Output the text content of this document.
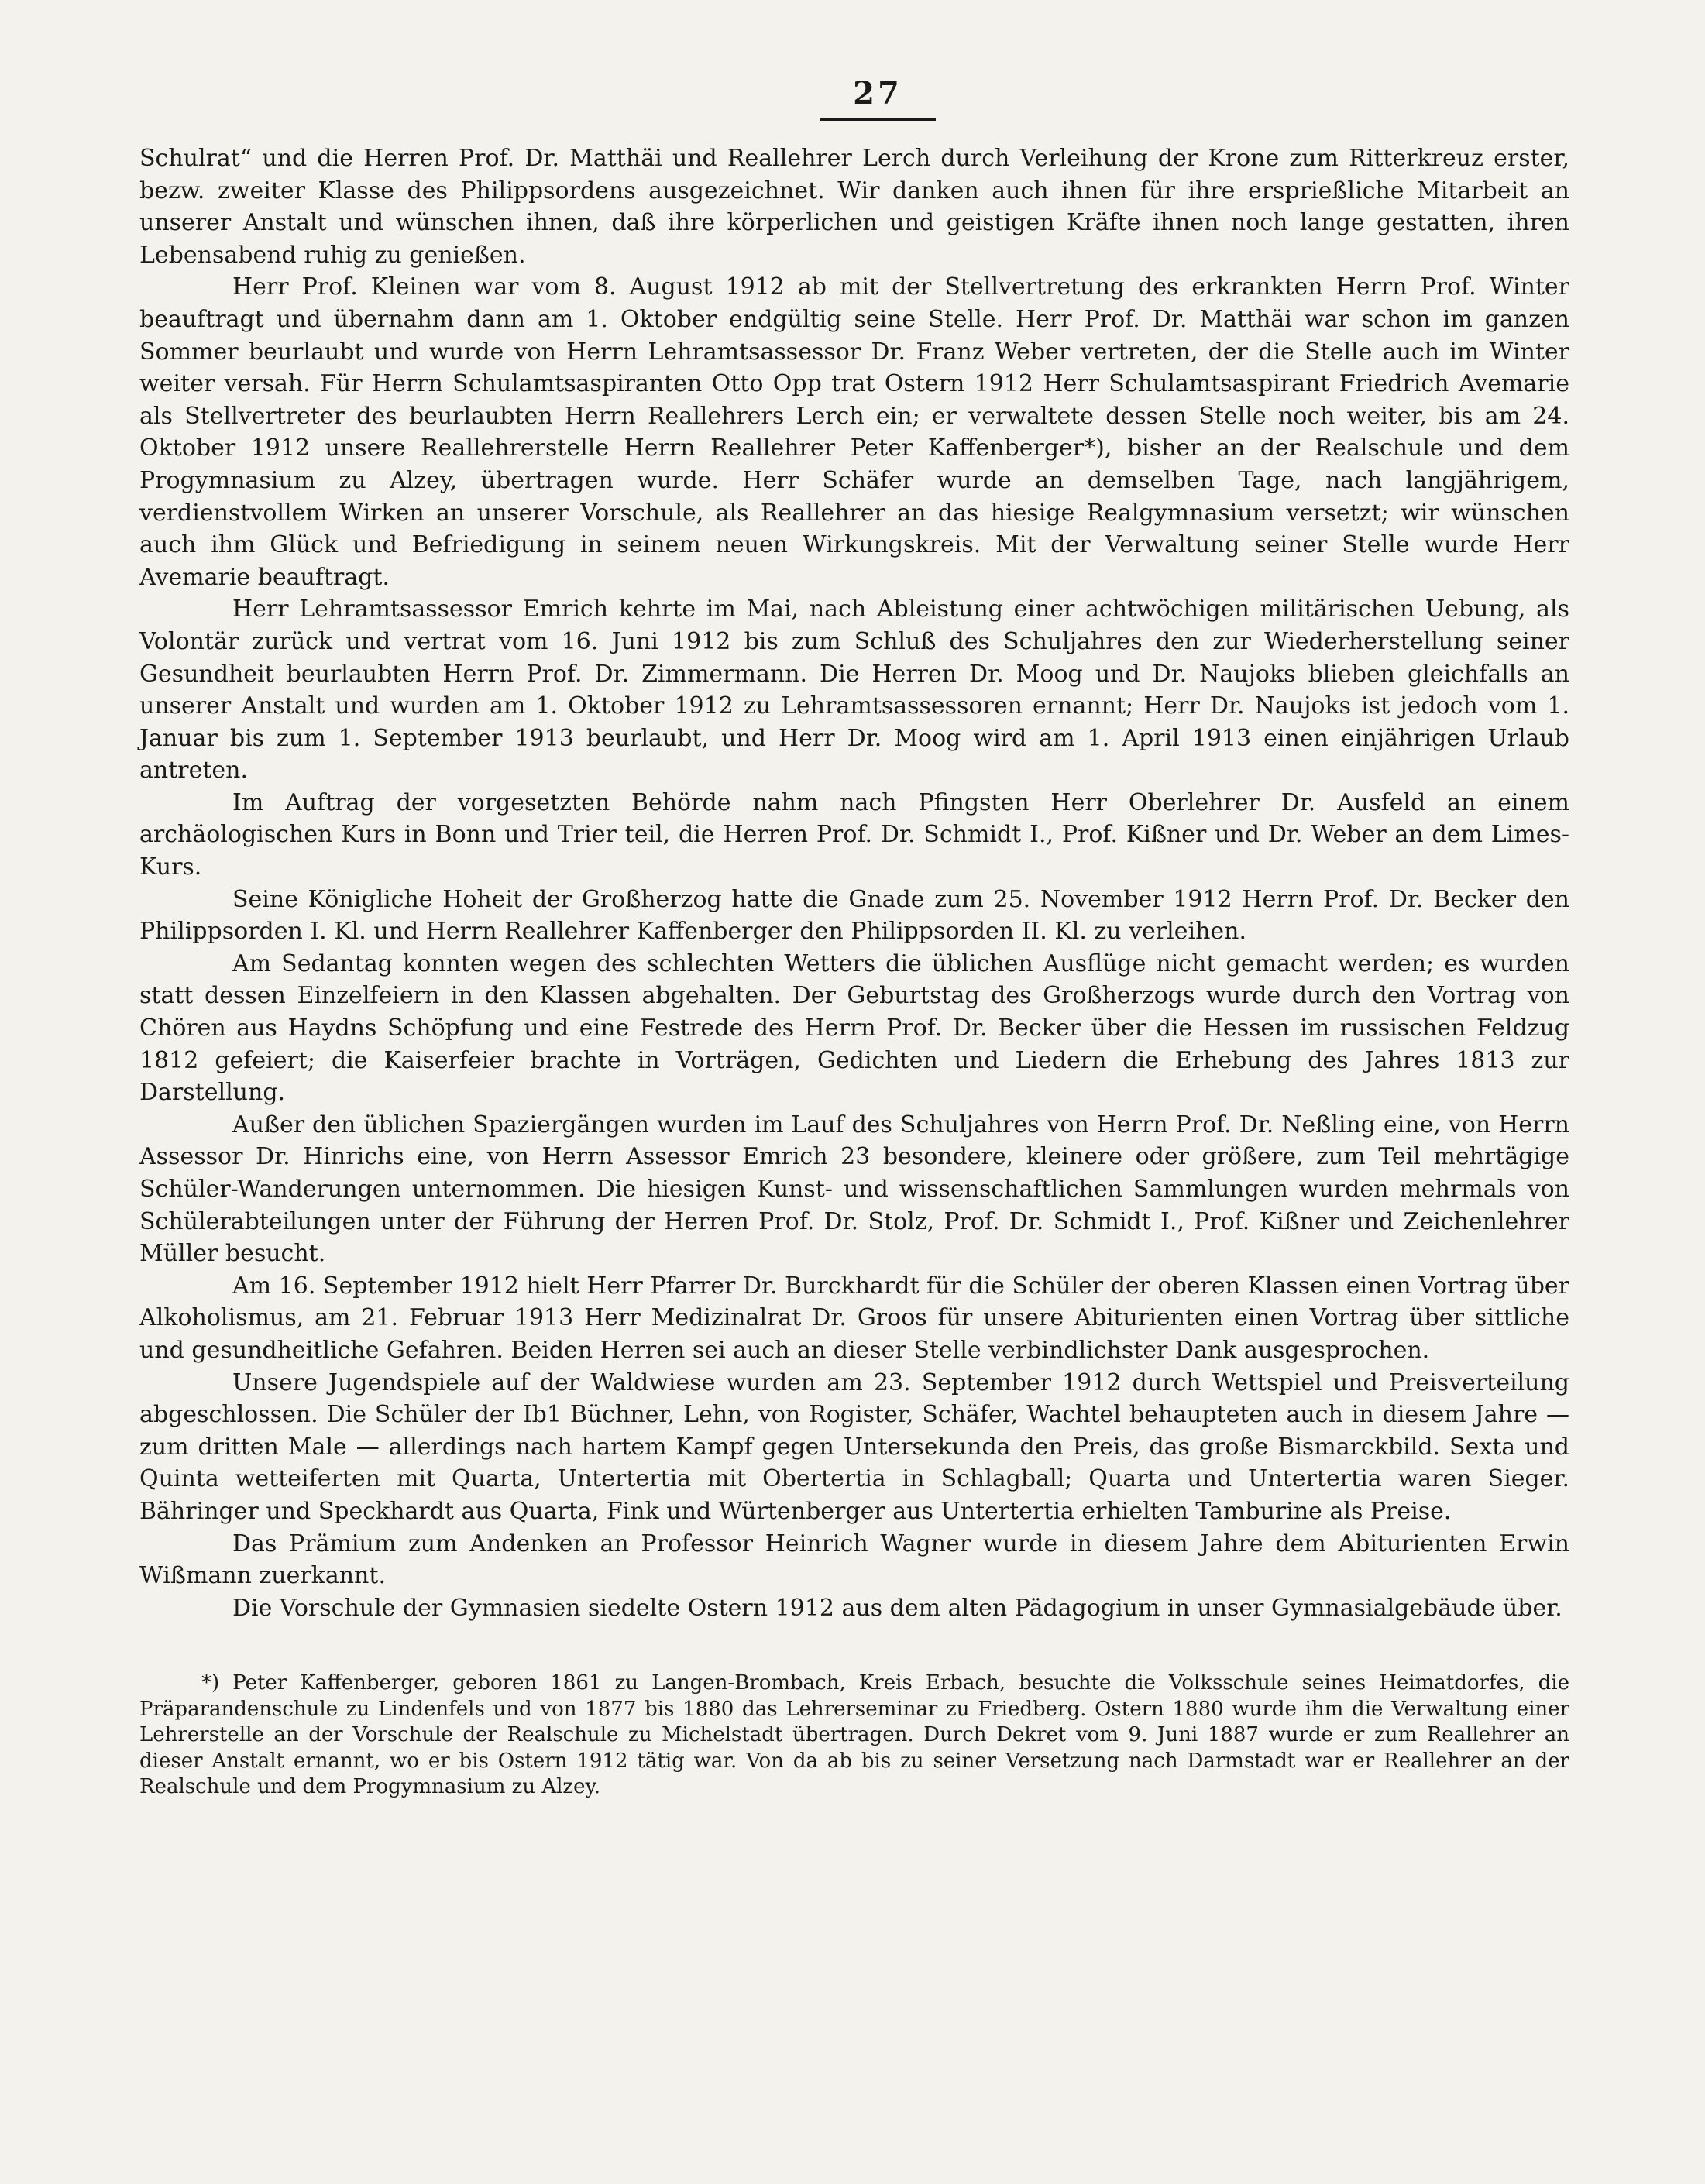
27

Schulrat“ und die Herren Prof. Dr. Matthäi und Reallehrer Lerch durch Verleihung der Krone zum Ritterkreuz erster, bezw. zweiter Klasse des Philippsordens ausgezeichnet. Wir danken auch ihnen für ihre ersprießliche Mitarbeit an unserer Anstalt und wünschen ihnen, daß ihre körperlichen und geistigen Kräfte ihnen noch lange gestatten, ihren Lebensabend ruhig zu genießen.

Herr Prof. Kleinen war vom 8. August 1912 ab mit der Stellvertretung des erkrankten Herrn Prof. Winter beauftragt und übernahm dann am 1. Oktober endgültig seine Stelle. Herr Prof. Dr. Matthäi war schon im ganzen Sommer beurlaubt und wurde von Herrn Lehramtsassessor Dr. Franz Weber vertreten, der die Stelle auch im Winter weiter versah. Für Herrn Schulamtsaspiranten Otto Opp trat Ostern 1912 Herr Schulamtsaspirant Friedrich Avemarie als Stellvertreter des beurlaubten Herrn Reallehrers Lerch ein; er verwaltete dessen Stelle noch weiter, bis am 24. Oktober 1912 unsere Reallehrerstelle Herrn Reallehrer Peter Kaffenberger*), bisher an der Realschule und dem Progymnasium zu Alzey, übertragen wurde. Herr Schäfer wurde an demselben Tage, nach langjährigem, verdienstvollem Wirken an unserer Vorschule, als Reallehrer an das hiesige Realgymnasium versetzt; wir wünschen auch ihm Glück und Befriedigung in seinem neuen Wirkungskreis. Mit der Verwaltung seiner Stelle wurde Herr Avemarie beauftragt.

Herr Lehramtsassessor Emrich kehrte im Mai, nach Ableistung einer achtwöchigen militärischen Uebung, als Volontär zurück und vertrat vom 16. Juni 1912 bis zum Schluß des Schuljahres den zur Wiederherstellung seiner Gesundheit beurlaubten Herrn Prof. Dr. Zimmermann. Die Herren Dr. Moog und Dr. Naujoks blieben gleichfalls an unserer Anstalt und wurden am 1. Oktober 1912 zu Lehramtsassessoren ernannt; Herr Dr. Naujoks ist jedoch vom 1. Januar bis zum 1. September 1913 beurlaubt, und Herr Dr. Moog wird am 1. April 1913 einen einjährigen Urlaub antreten.

Im Auftrag der vorgesetzten Behörde nahm nach Pfingsten Herr Oberlehrer Dr. Ausfeld an einem archäologischen Kurs in Bonn und Trier teil, die Herren Prof. Dr. Schmidt I., Prof. Kißner und Dr. Weber an dem Limes-Kurs.

Seine Königliche Hoheit der Großherzog hatte die Gnade zum 25. November 1912 Herrn Prof. Dr. Becker den Philippsorden I. Kl. und Herrn Reallehrer Kaffenberger den Philippsorden II. Kl. zu verleihen.

Am Sedantag konnten wegen des schlechten Wetters die üblichen Ausflüge nicht gemacht werden; es wurden statt dessen Einzelfeiern in den Klassen abgehalten. Der Geburtstag des Großherzogs wurde durch den Vortrag von Chören aus Haydns Schöpfung und eine Festrede des Herrn Prof. Dr. Becker über die Hessen im russischen Feldzug 1812 gefeiert; die Kaiserfeier brachte in Vorträgen, Gedichten und Liedern die Erhebung des Jahres 1813 zur Darstellung.

Außer den üblichen Spaziergängen wurden im Lauf des Schuljahres von Herrn Prof. Dr. Neßling eine, von Herrn Assessor Dr. Hinrichs eine, von Herrn Assessor Emrich 23 besondere, kleinere oder größere, zum Teil mehrtägige Schüler-Wanderungen unternommen. Die hiesigen Kunst- und wissenschaftlichen Sammlungen wurden mehrmals von Schülerabteilungen unter der Führung der Herren Prof. Dr. Stolz, Prof. Dr. Schmidt I., Prof. Kißner und Zeichenlehrer Müller besucht.

Am 16. September 1912 hielt Herr Pfarrer Dr. Burckhardt für die Schüler der oberen Klassen einen Vortrag über Alkoholismus, am 21. Februar 1913 Herr Medizinalrat Dr. Groos für unsere Abiturienten einen Vortrag über sittliche und gesundheitliche Gefahren. Beiden Herren sei auch an dieser Stelle verbindlichster Dank ausgesprochen.

Unsere Jugendspiele auf der Waldwiese wurden am 23. September 1912 durch Wettspiel und Preisverteilung abgeschlossen. Die Schüler der Ib1 Büchner, Lehn, von Rogister, Schäfer, Wachtel behaupteten auch in diesem Jahre — zum dritten Male — allerdings nach hartem Kampf gegen Untersekunda den Preis, das große Bismarckbild. Sexta und Quinta wetteiferten mit Quarta, Untertertia mit Obertertia in Schlagball; Quarta und Untertertia waren Sieger. Bähringer und Speckhardt aus Quarta, Fink und Würtenberger aus Untertertia erhielten Tamburine als Preise.

Das Prämium zum Andenken an Professor Heinrich Wagner wurde in diesem Jahre dem Abiturienten Erwin Wißmann zuerkannt.

Die Vorschule der Gymnasien siedelte Ostern 1912 aus dem alten Pädagogium in unser Gymnasialgebäude über.

*) Peter Kaffenberger, geboren 1861 zu Langen-Brombach, Kreis Erbach, besuchte die Volksschule seines Heimatdorfes, die Präparandenschule zu Lindenfels und von 1877 bis 1880 das Lehrerseminar zu Friedberg. Ostern 1880 wurde ihm die Verwaltung einer Lehrerstelle an der Vorschule der Realschule zu Michelstadt übertragen. Durch Dekret vom 9. Juni 1887 wurde er zum Reallehrer an dieser Anstalt ernannt, wo er bis Ostern 1912 tätig war. Von da ab bis zu seiner Versetzung nach Darmstadt war er Reallehrer an der Realschule und dem Progymnasium zu Alzey.
